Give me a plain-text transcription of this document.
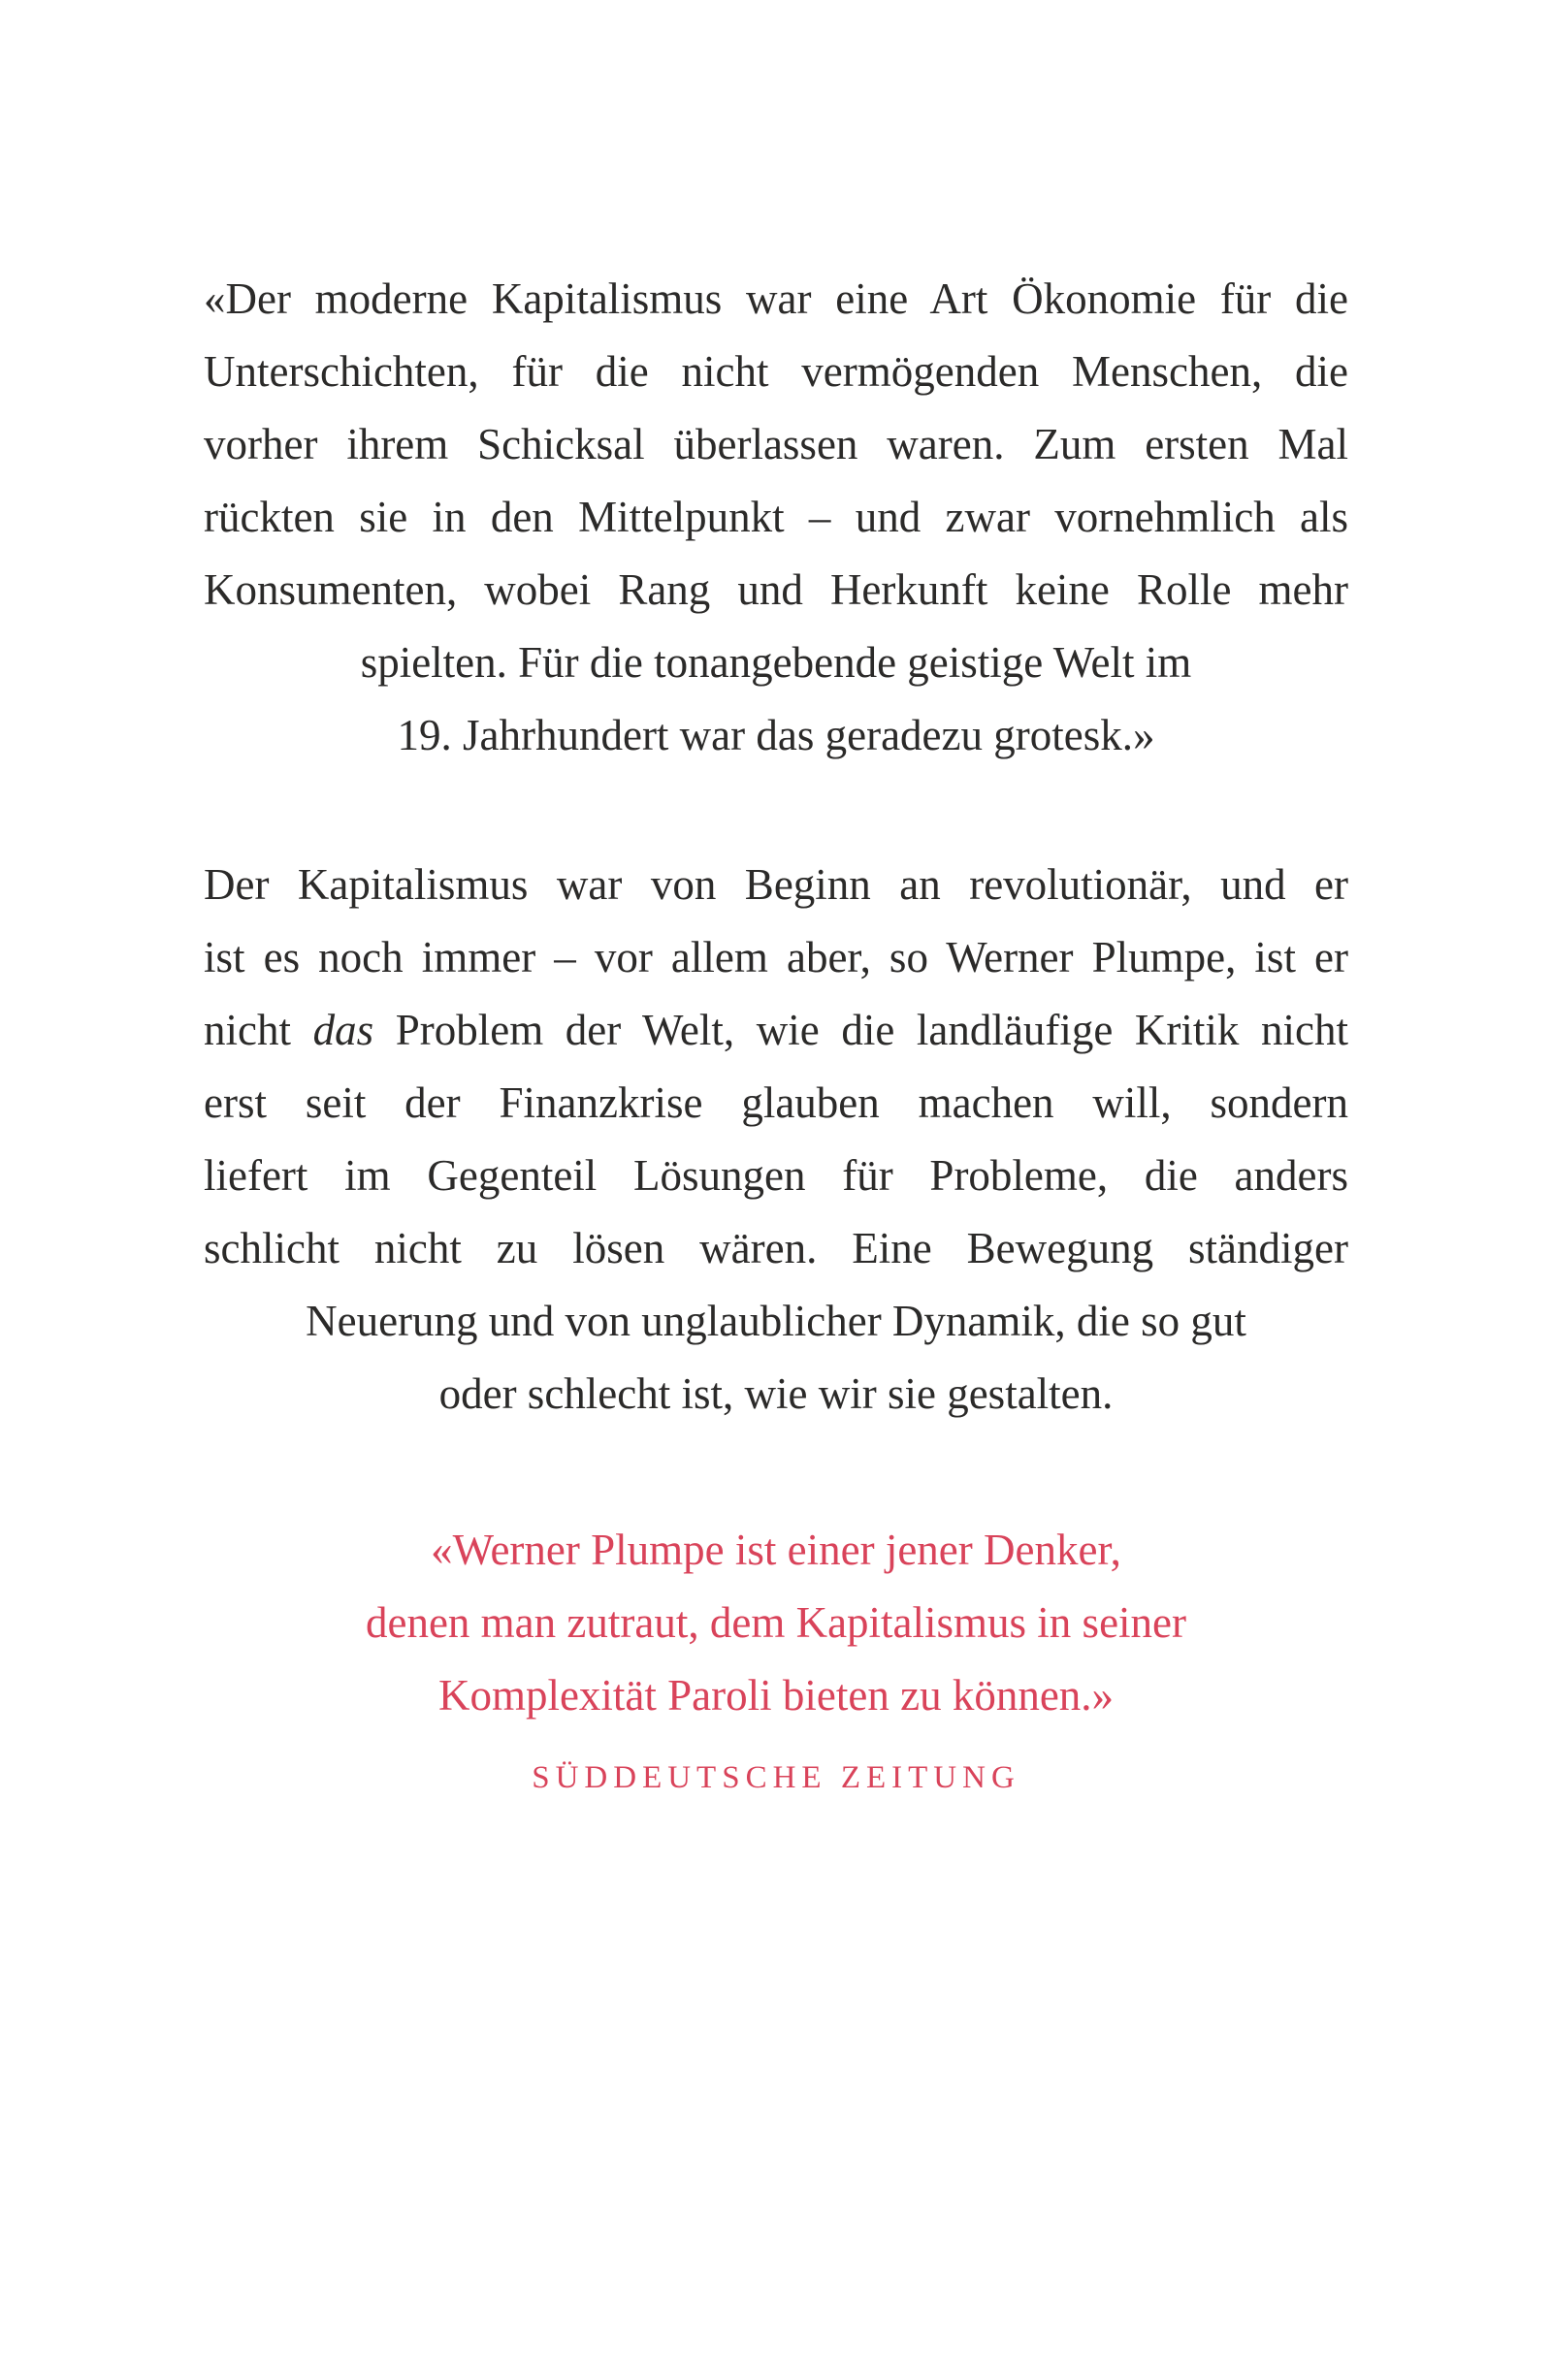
«Der moderne Kapitalismus war eine Art Ökonomie für die
Unterschichten, für die nicht vermögenden Menschen, die
vorher ihrem Schicksal überlassen waren. Zum ersten Mal
rückten sie in den Mittelpunkt – und zwar vornehmlich als
Konsumenten, wobei Rang und Herkunft keine Rolle mehr
spielten. Für die tonangebende geistige Welt im
19. Jahrhundert war das geradezu grotesk.»
Der Kapitalismus war von Beginn an revolutionär, und er
ist es noch immer – vor allem aber, so Werner Plumpe, ist er
nicht das Problem der Welt, wie die landläufige Kritik nicht
erst seit der Finanzkrise glauben machen will, sondern
liefert im Gegenteil Lösungen für Probleme, die anders
schlicht nicht zu lösen wären. Eine Bewegung ständiger
Neuerung und von unglaublicher Dynamik, die so gut
oder schlecht ist, wie wir sie gestalten.
«Werner Plumpe ist einer jener Denker,
denen man zutraut, dem Kapitalismus in seiner
Komplexität Paroli bieten zu können.»
SÜDDEUTSCHE ZEITUNG
